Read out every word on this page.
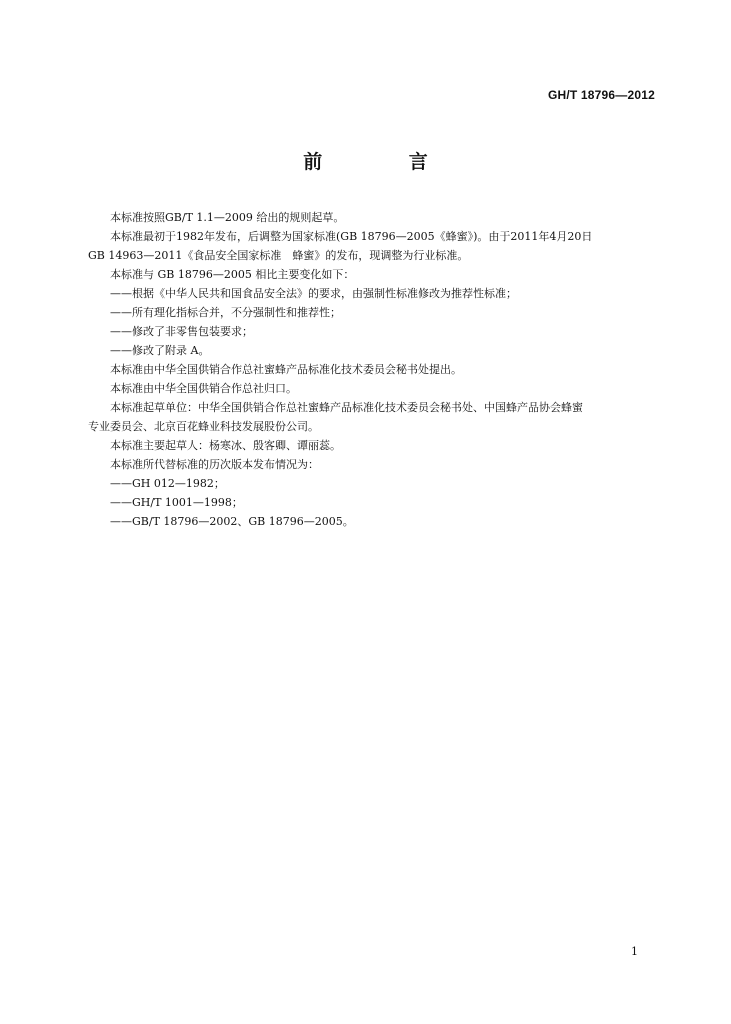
GH/T 18796—2012
前 言

本标准按照GB/T 1.1—2009 给出的规则起草。

本标准最初于1982年发布，后调整为国家标准(GB 18796—2005《蜂蜜》)。由于2011年4月20日

GB 14963—2011《食品安全国家标准　蜂蜜》的发布，现调整为行业标准。

本标准与 GB 18796—2005 相比主要变化如下：

——根据《中华人民共和国食品安全法》的要求，由强制性标准修改为推荐性标准；

——所有理化指标合并，不分强制性和推荐性；

——修改了非零售包装要求；

——修改了附录 A。

本标准由中华全国供销合作总社蜜蜂产品标准化技术委员会秘书处提出。

本标准由中华全国供销合作总社归口。

本标准起草单位：中华全国供销合作总社蜜蜂产品标准化技术委员会秘书处、中国蜂产品协会蜂蜜

专业委员会、北京百花蜂业科技发展股份公司。

本标准主要起草人：杨寒冰、殷客卿、谭丽蕊。

本标准所代替标准的历次版本发布情况为：

——GH 012—1982；

——GH/T 1001—1998；

——GB/T 18796—2002、GB 18796—2005。

1
